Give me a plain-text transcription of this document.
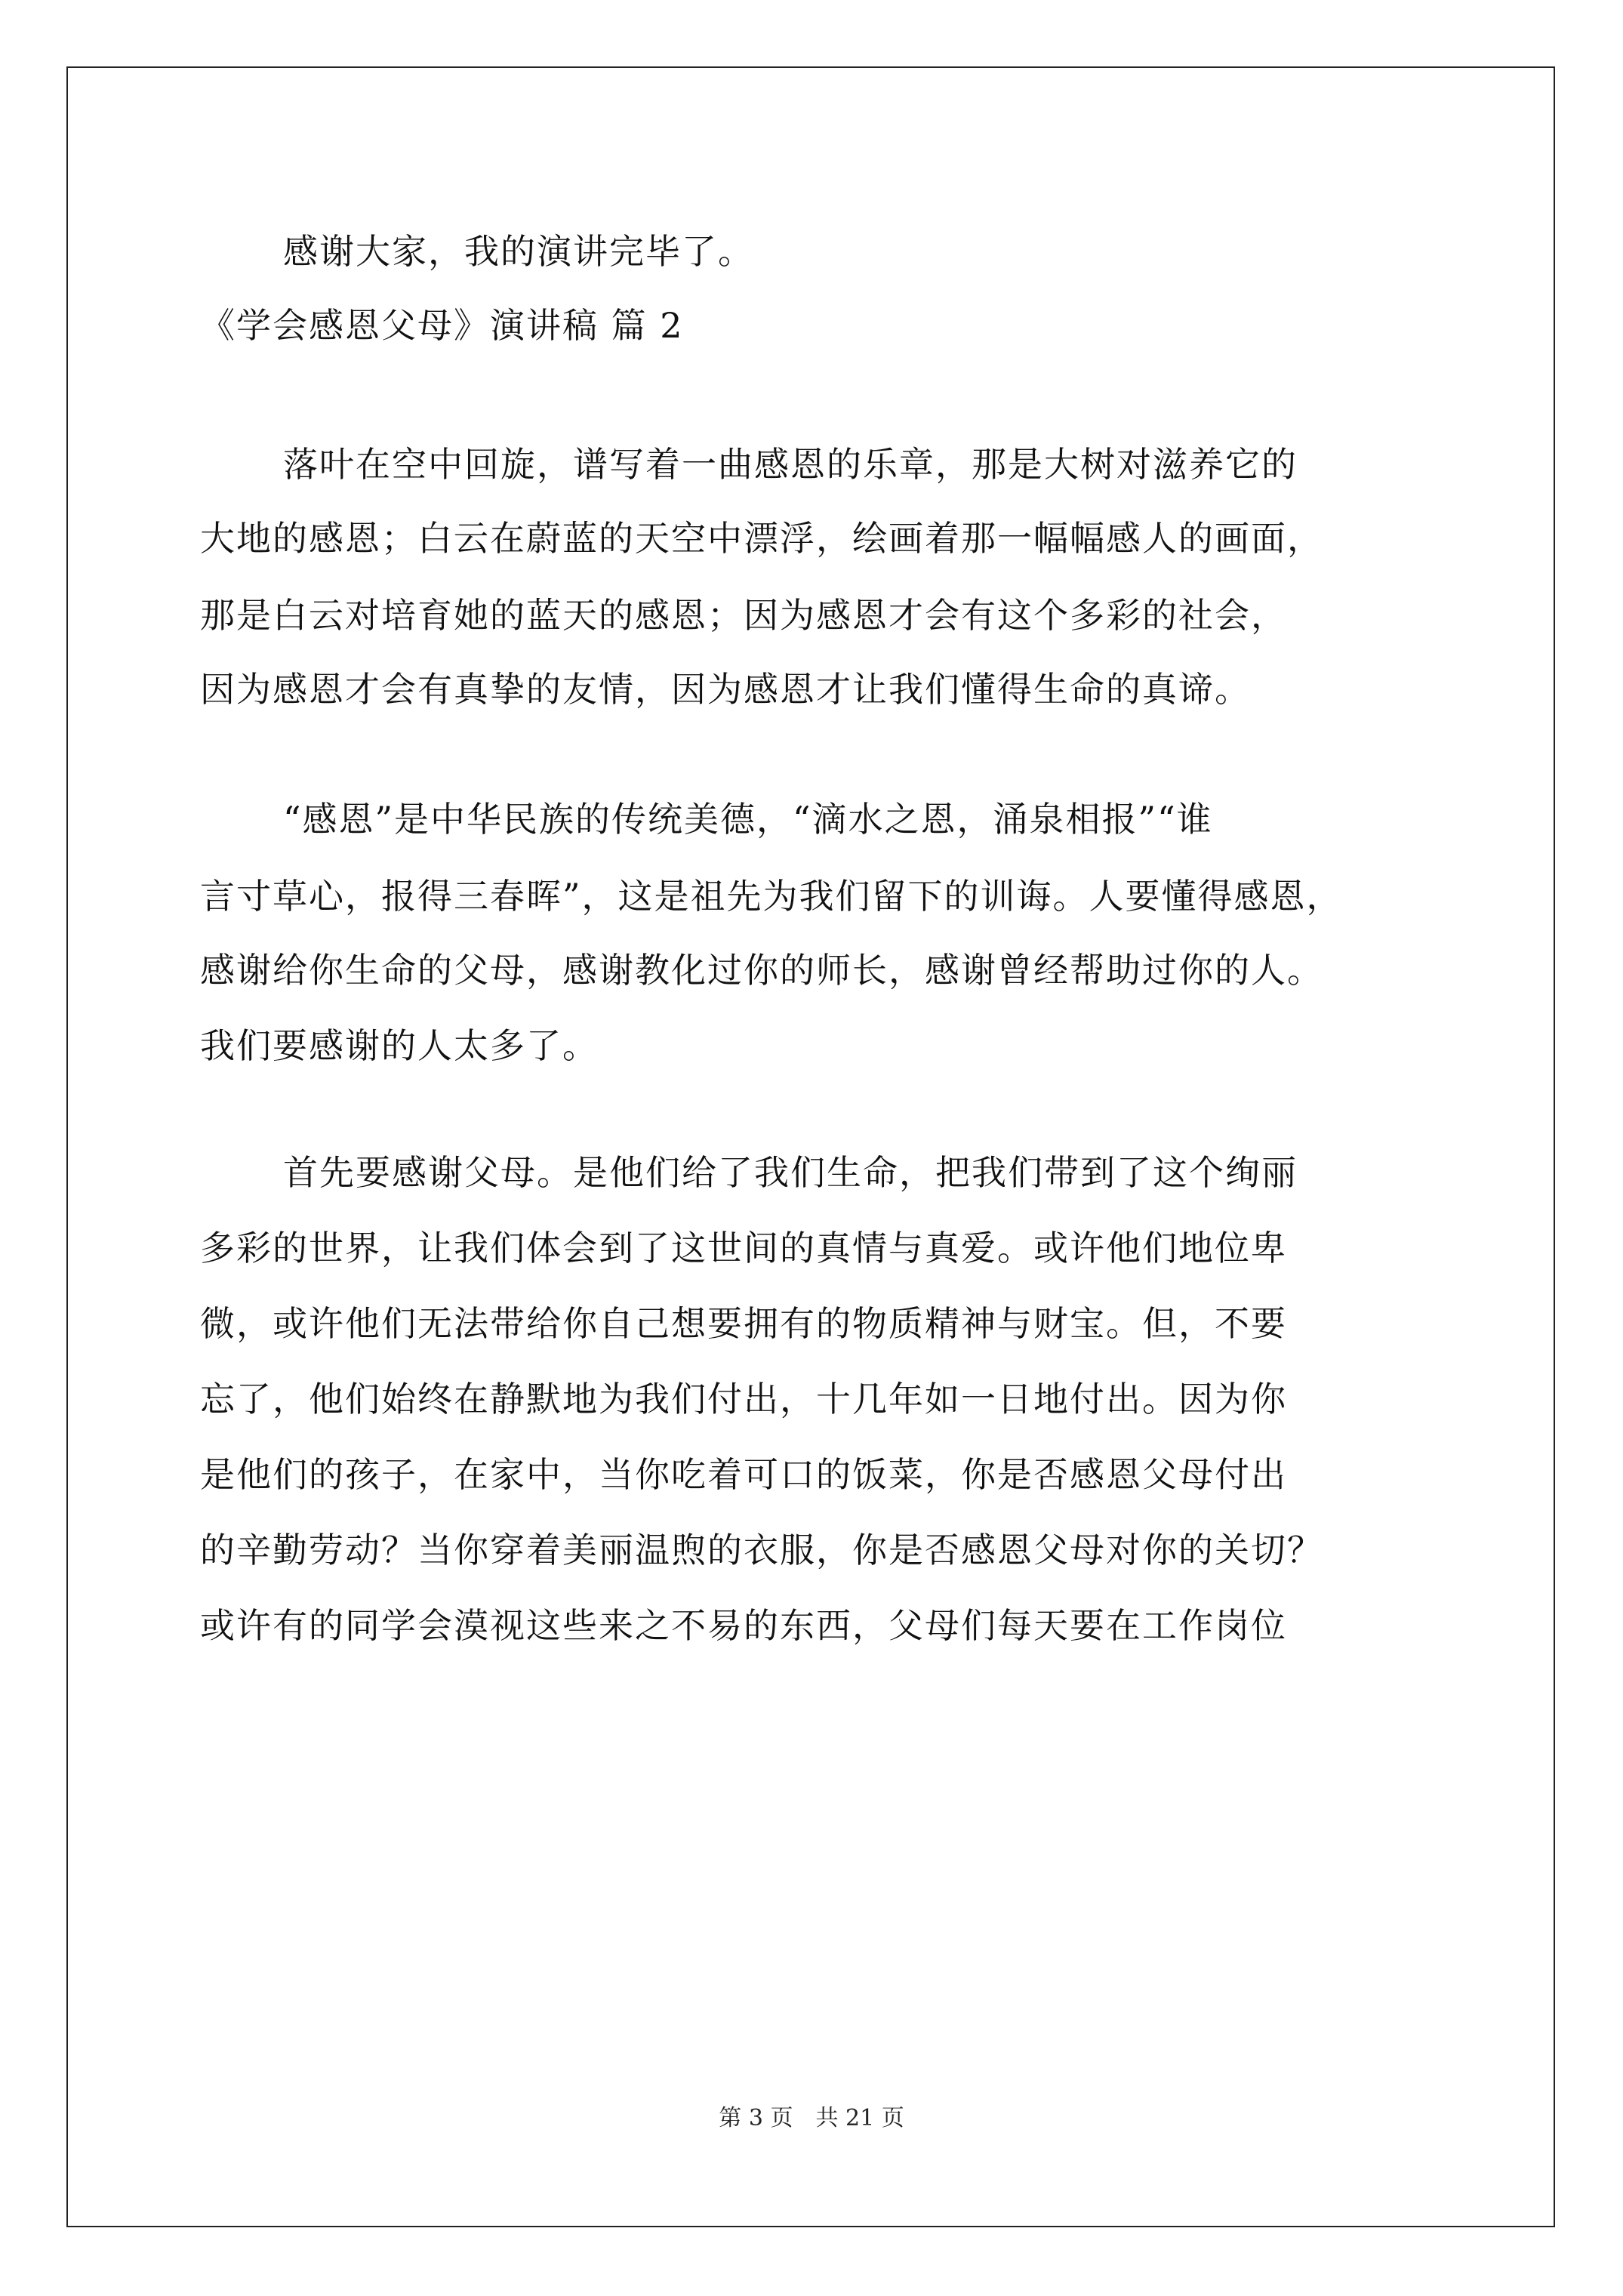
感谢大家，我的演讲完毕了。
《学会感恩父母》演讲稿 篇 2
落叶在空中回旋，谱写着一曲感恩的乐章，那是大树对滋养它的
大地的感恩；白云在蔚蓝的天空中漂浮，绘画着那一幅幅感人的画面，
那是白云对培育她的蓝天的感恩；因为感恩才会有这个多彩的社会，
因为感恩才会有真挚的友情，因为感恩才让我们懂得生命的真谛。
“感恩”是中华民族的传统美德，“滴水之恩，涌泉相报”“谁
言寸草心，报得三春晖”，这是祖先为我们留下的训诲。人要懂得感恩，
感谢给你生命的父母，感谢教化过你的师长，感谢曾经帮助过你的人。
我们要感谢的人太多了。
首先要感谢父母。是他们给了我们生命，把我们带到了这个绚丽
多彩的世界，让我们体会到了这世间的真情与真爱。或许他们地位卑
微，或许他们无法带给你自己想要拥有的物质精神与财宝。但，不要
忘了，他们始终在静默地为我们付出，十几年如一日地付出。因为你
是他们的孩子，在家中，当你吃着可口的饭菜，你是否感恩父母付出
的辛勤劳动？当你穿着美丽温煦的衣服，你是否感恩父母对你的关切？
或许有的同学会漠视这些来之不易的东西，父母们每天要在工作岗位
第 3 页　共 21 页
